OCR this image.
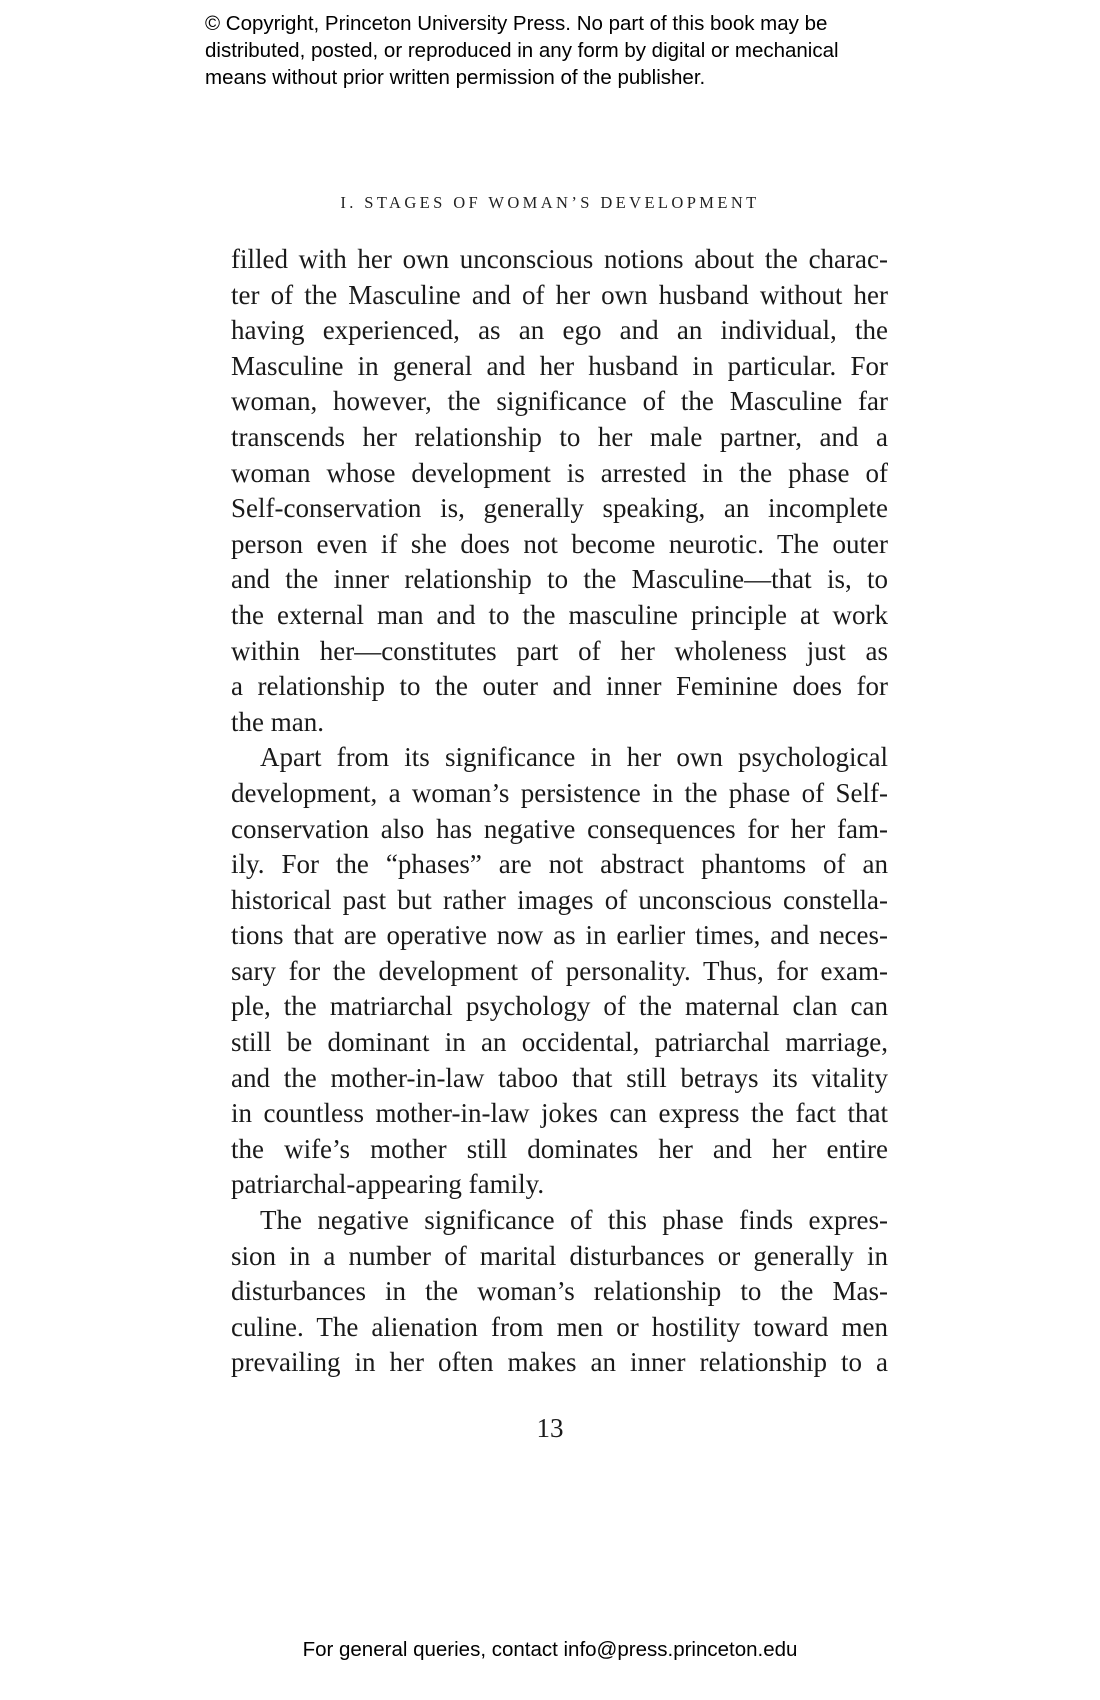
© Copyright, Princeton University Press. No part of this book may be
distributed, posted, or reproduced in any form by digital or mechanical
means without prior written permission of the publisher.
I. STAGES OF WOMAN’S DEVELOPMENT
filled with her own unconscious notions about the charac-
ter of the Masculine and of her own husband without her
having experienced, as an ego and an individual, the
Masculine in general and her husband in particular. For
woman, however, the significance of the Masculine far
transcends her relationship to her male partner, and a
woman whose development is arrested in the phase of
Self-conservation is, generally speaking, an incomplete
person even if she does not become neurotic. The outer
and the inner relationship to the Masculine—that is, to
the external man and to the masculine principle at work
within her—constitutes part of her wholeness just as
a relationship to the outer and inner Feminine does for
the man.
Apart from its significance in her own psychological
development, a woman’s persistence in the phase of Self-
conservation also has negative consequences for her fam-
ily. For the “phases” are not abstract phantoms of an
historical past but rather images of unconscious constella-
tions that are operative now as in earlier times, and neces-
sary for the development of personality. Thus, for exam-
ple, the matriarchal psychology of the maternal clan can
still be dominant in an occidental, patriarchal marriage,
and the mother-in-law taboo that still betrays its vitality
in countless mother-in-law jokes can express the fact that
the wife’s mother still dominates her and her entire
patriarchal-appearing family.
The negative significance of this phase finds expres-
sion in a number of marital disturbances or generally in
disturbances in the woman’s relationship to the Mas-
culine. The alienation from men or hostility toward men
prevailing in her often makes an inner relationship to a
13
For general queries, contact info@press.princeton.edu
